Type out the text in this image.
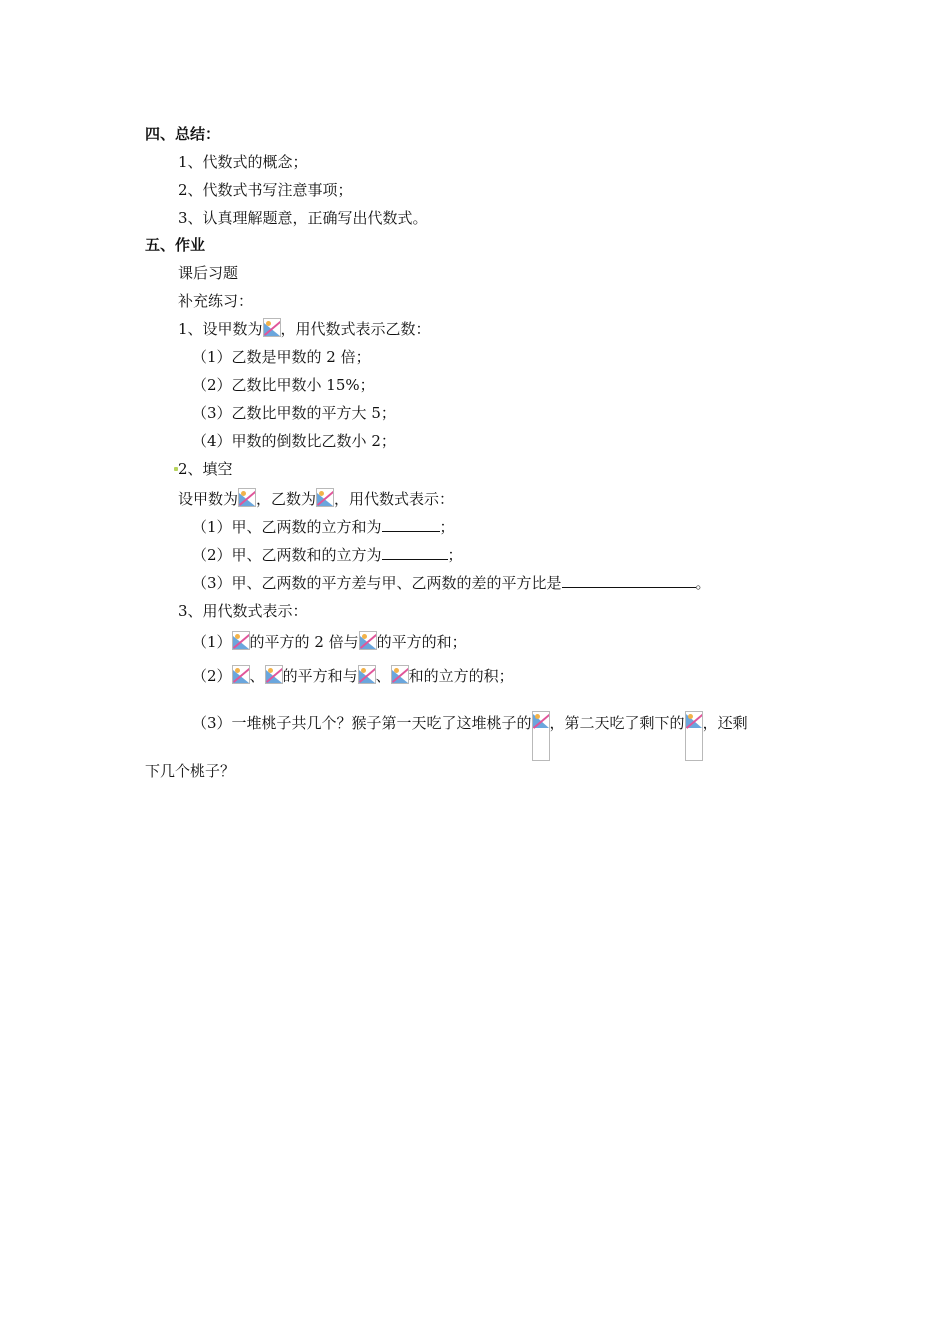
四、总结：
1、代数式的概念；
2、代数式书写注意事项；
3、认真理解题意，正确写出代数式。
五、作业
课后习题
补充练习：
1、设甲数为 ，用代数式表示乙数：
（1）乙数是甲数的 2 倍；
（2）乙数比甲数小 15%；
（3）乙数比甲数的平方大 5；
（4）甲数的倒数比乙数小 2；
2、填空
设甲数为 ，乙数为 ，用代数式表示：
（1）甲、乙两数的立方和为	；
（2）甲、乙两数和的立方为	；
（3）甲、乙两数的平方差与甲、乙两数的差的平方比是	。
3、用代数式表示：
（1） 的平方的 2 倍与 的平方的和；
（2） 、 的平方和与 、 和的立方的积；
（3）一堆桃子共几个？猴子第一天吃了这堆桃子的 ，第二天吃了剩下的 ，还剩
下几个桃子？
